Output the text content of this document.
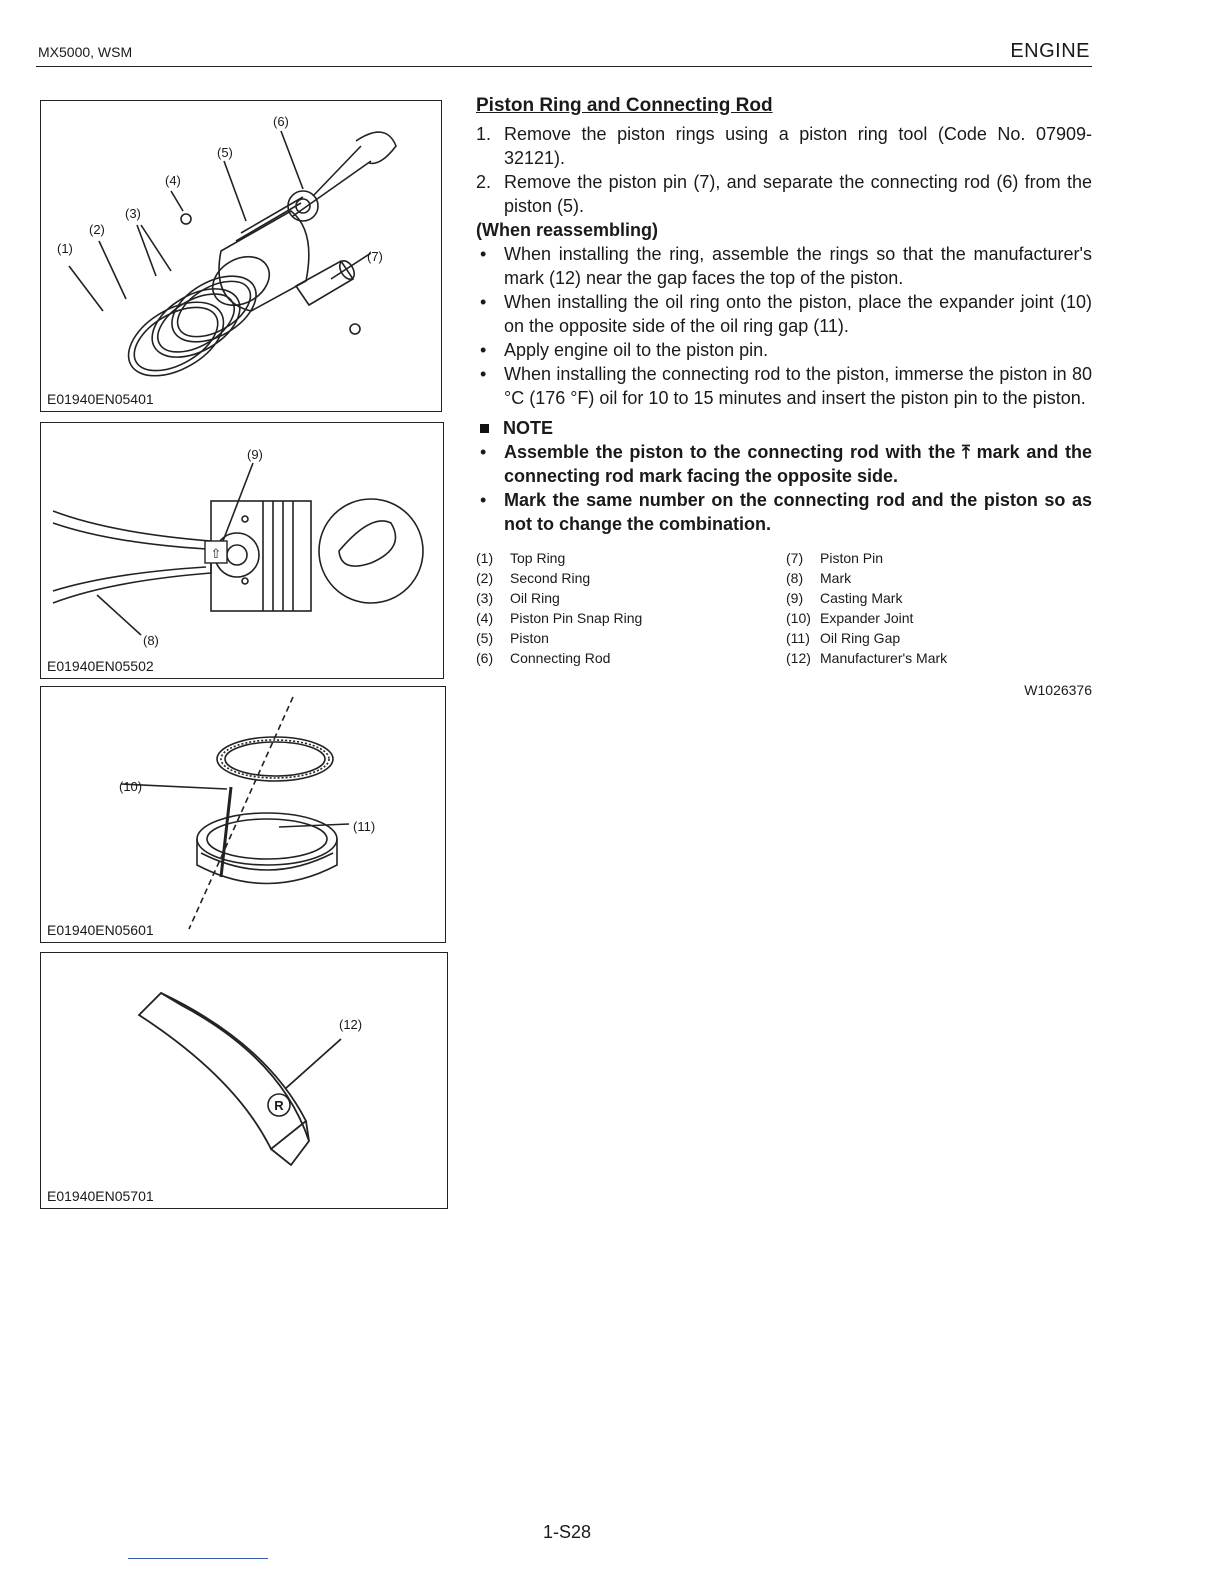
MX5000, WSM	ENGINE
(1)
(2)
(3)
(4)
(5)
(6)
(7)
E01940EN05401
⇧
(9)
(8)
E01940EN05502
(10)
(11)
E01940EN05601
R
(12)
E01940EN05701
Piston Ring and Connecting Rod
1. Remove the piston rings using a piston ring tool (Code No. 07909-32121).
2. Remove the piston pin (7), and separate the connecting rod (6) from the piston (5).
(When reassembling)
• When installing the ring, assemble the rings so that the manufacturer's mark (12) near the gap faces the top of the piston.
• When installing the oil ring onto the piston, place the expander joint (10) on the opposite side of the oil ring gap (11).
• Apply engine oil to the piston pin.
• When installing the connecting rod to the piston, immerse the piston in 80 °C (176 °F) oil for 10 to 15 minutes and insert the piston pin to the piston.
NOTE
• Assemble the piston to the connecting rod with the ⤒ mark and the connecting rod mark facing the opposite side.
• Mark the same number on the connecting rod and the piston so as not to change the combination.
(1)	Top Ring
(2)	Second Ring
(3)	Oil Ring
(4)	Piston Pin Snap Ring
(5)	Piston
(6)	Connecting Rod
(7)	Piston Pin
(8)	Mark
(9)	Casting Mark
(10) Expander Joint
(11) Oil Ring Gap
(12) Manufacturer's Mark
W1026376
1-S28
